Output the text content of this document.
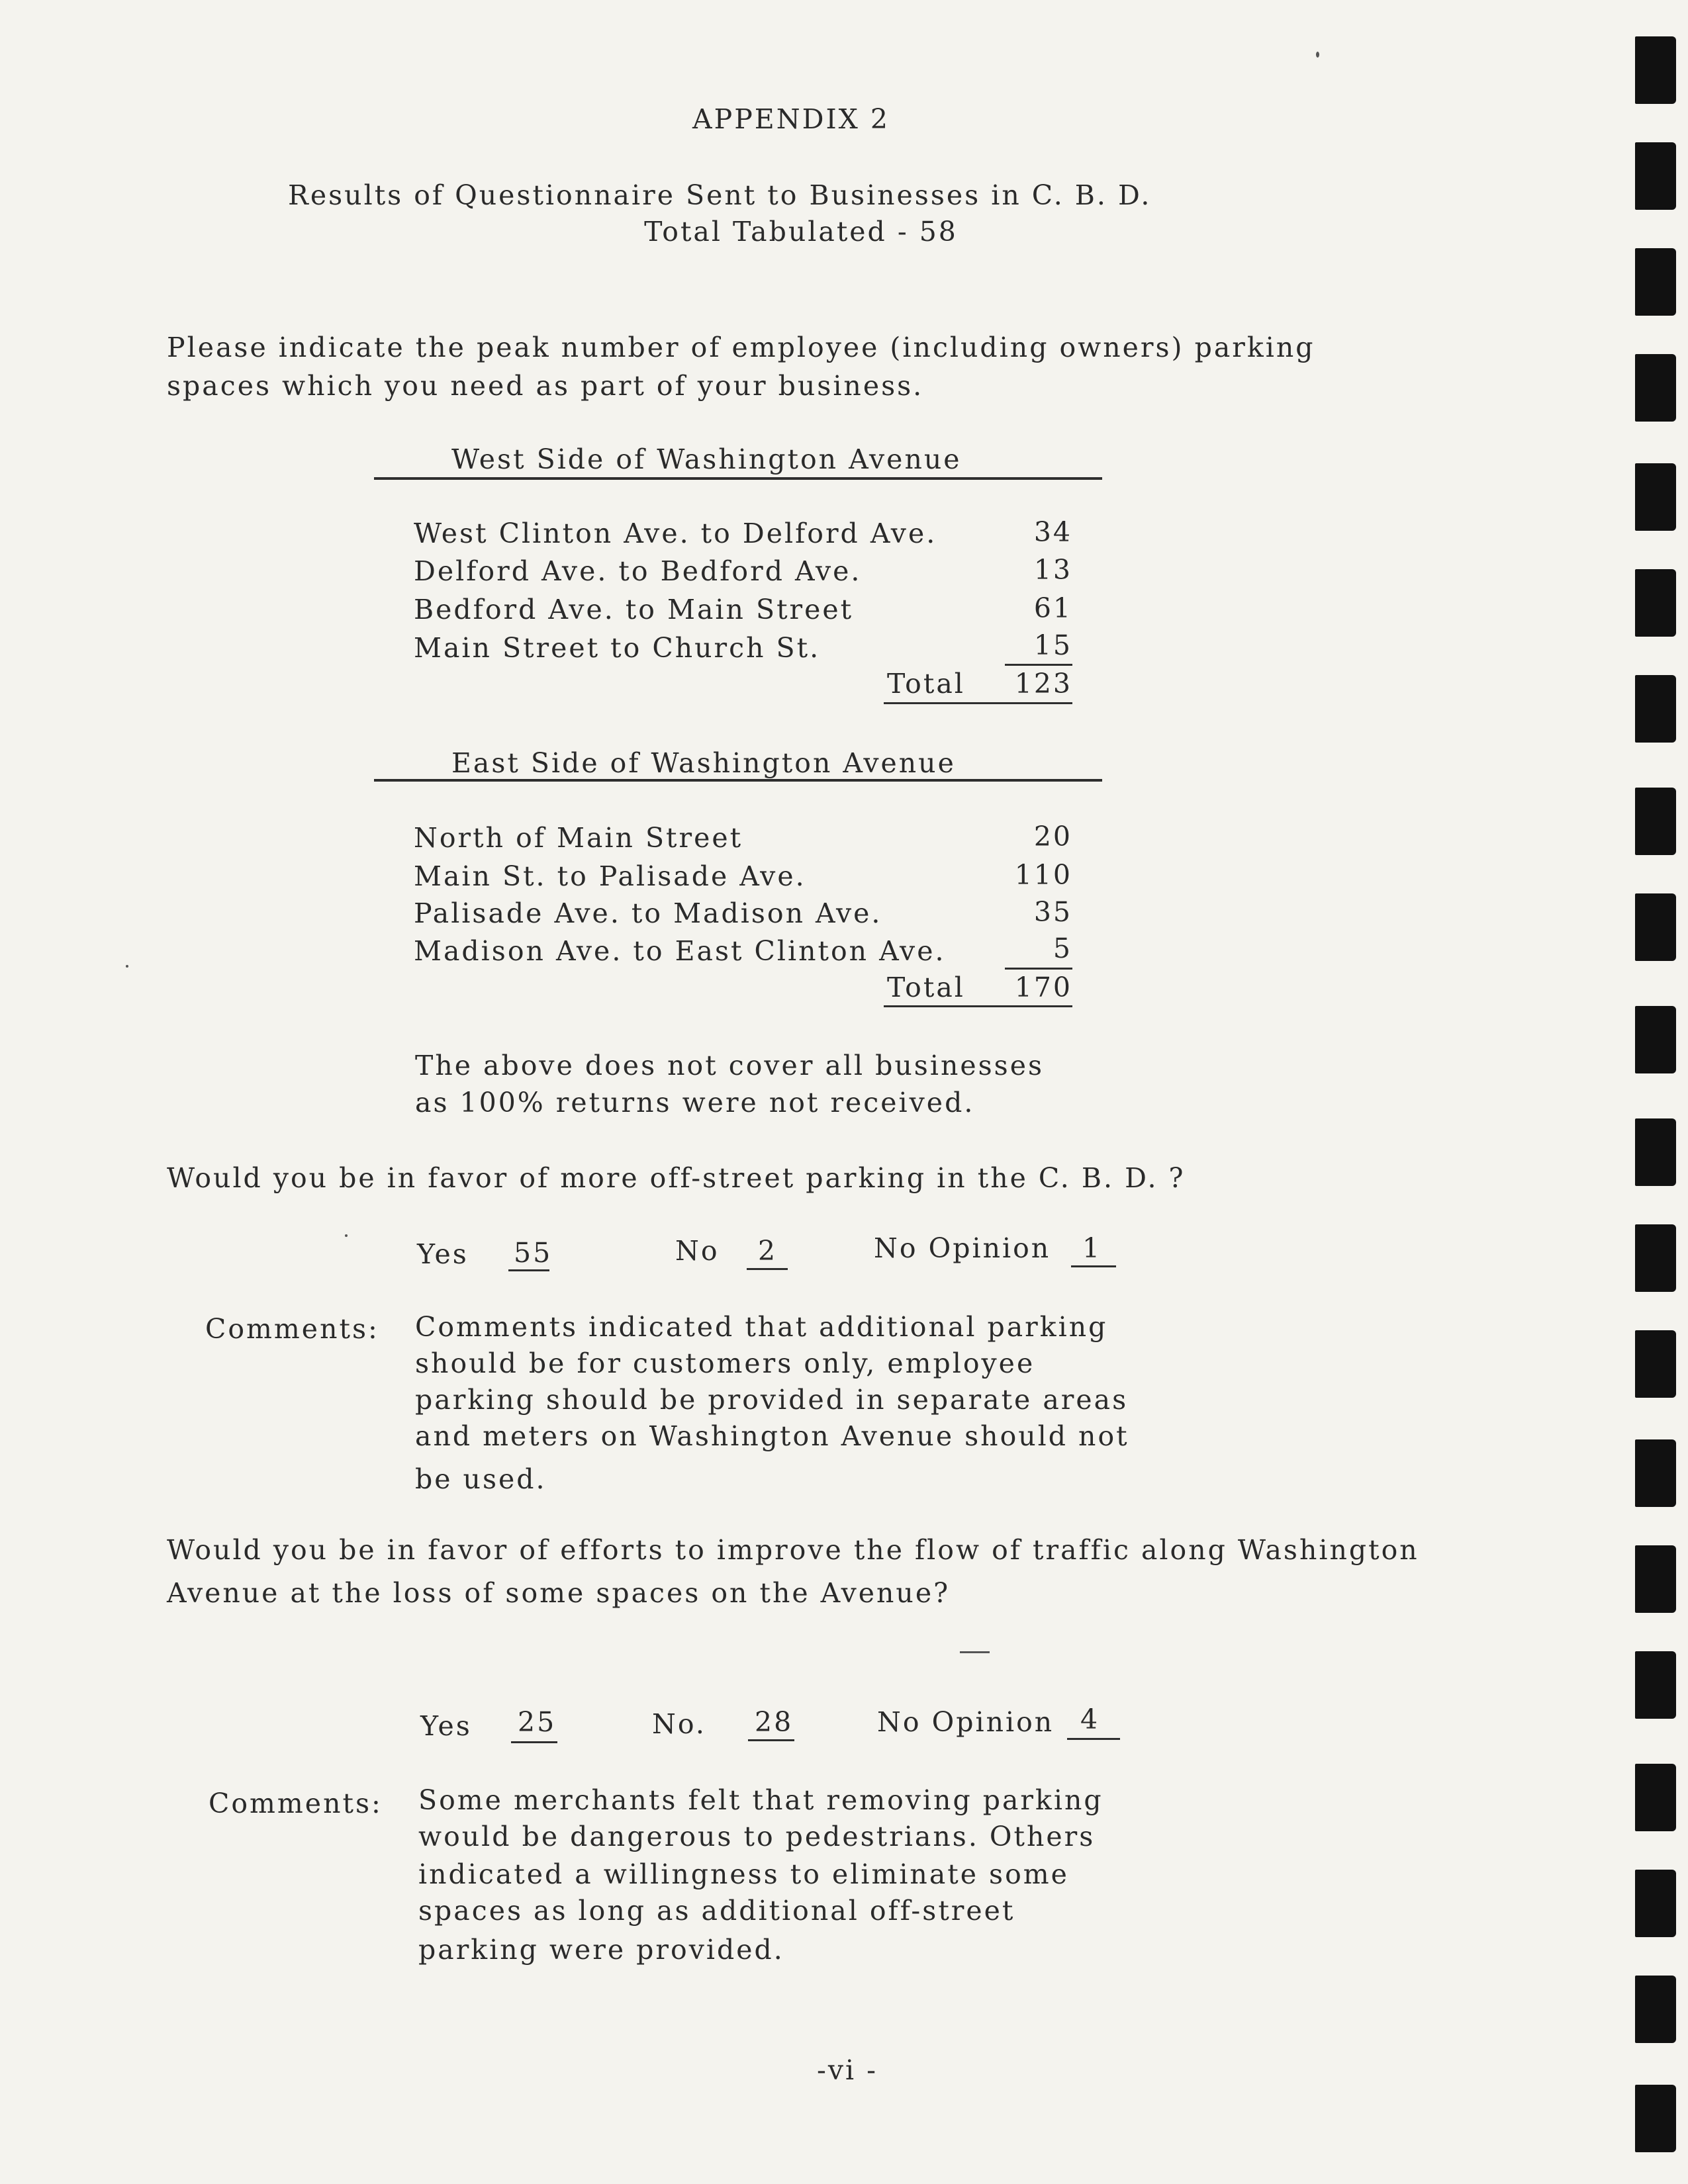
APPENDIX 2
Results of Questionnaire Sent to Businesses in C. B. D.
Total Tabulated - 58
Please indicate the peak number of employee (including owners) parking
spaces which you need as part of your business.
West Side of Washington Avenue
West Clinton Ave. to Delford Ave.	34
Delford Ave. to Bedford Ave.	13
Bedford Ave. to Main Street	61
Main Street to Church St.	15
Total	123
East Side of Washington Avenue
North of Main Street	20
Main St. to Palisade Ave.	110
Palisade Ave. to Madison Ave.	35
Madison Ave. to East Clinton Ave.	5
Total	170
The above does not cover all businesses
as 100% returns were not received.
Would you be in favor of more off-street parking in the C. B. D. ?
Yes 55	No 2	No Opinion 1
Comments: Comments indicated that additional parking
should be for customers only, employee
parking should be provided in separate areas
and meters on Washington Avenue should not
be used.
Would you be in favor of efforts to improve the flow of traffic along Washington
Avenue at the loss of some spaces on the Avenue?
Yes 25	No. 28	No Opinion 4
Comments: Some merchants felt that removing parking
would be dangerous to pedestrians. Others
indicated a willingness to eliminate some
spaces as long as additional off-street
parking were provided.
-vi -
